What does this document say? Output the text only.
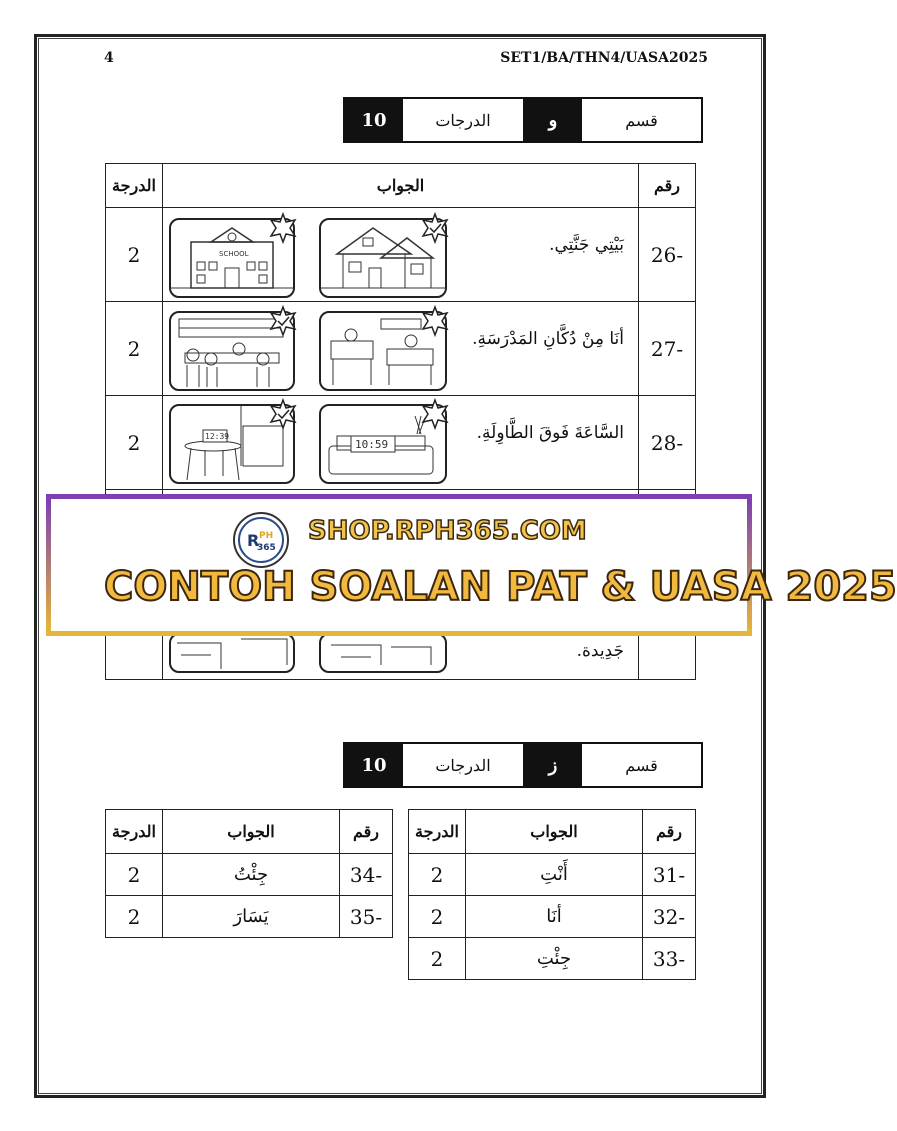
4	SET1/BA/THN4/UASA2025
10	الدرجات	و	قسم
الدرجة	الجواب	رقم
2	بَيْتِي جَنَّتِي.	26-
2	أنَا مِنْ دُكَّانِ المَدْرَسَةِ.	27-
2	السَّاعَةَ فَوقَ الطَّاوِلَةِ.	28-
	جَدِيدة.	
SCHOOL
12:39
10:59
R PH
365
SHOP.RPH365.COM
CONTOH SOALAN PAT & UASA 2025
10	الدرجات	ز	قسم
الدرجة	الجواب	رقم
2	جِئْتُ	34-
2	يَسَارَ	35-
الدرجة	الجواب	رقم
2	أَنْتِ	31-
2	أنَا	32-
2	جِئْتِ	33-
